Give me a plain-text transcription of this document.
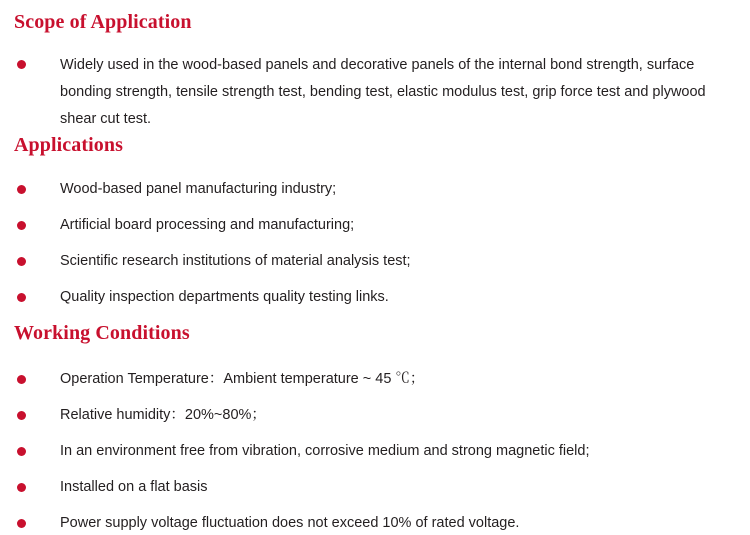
Scope of Application
Widely used in the wood-based panels and decorative panels of the internal bond strength, surface bonding strength, tensile strength test, bending test, elastic modulus test, grip force test and plywood shear cut test.
Applications
Wood-based panel manufacturing industry;
Artificial board processing and manufacturing;
Scientific research institutions of material analysis test;
Quality inspection departments quality testing links.
Working Conditions
Operation Temperature：Ambient temperature ~ 45 ℃；
Relative humidity：20%~80%；
In an environment free from vibration, corrosive medium and strong magnetic field;
Installed on a flat basis
Power supply voltage fluctuation does not exceed 10% of rated voltage.
